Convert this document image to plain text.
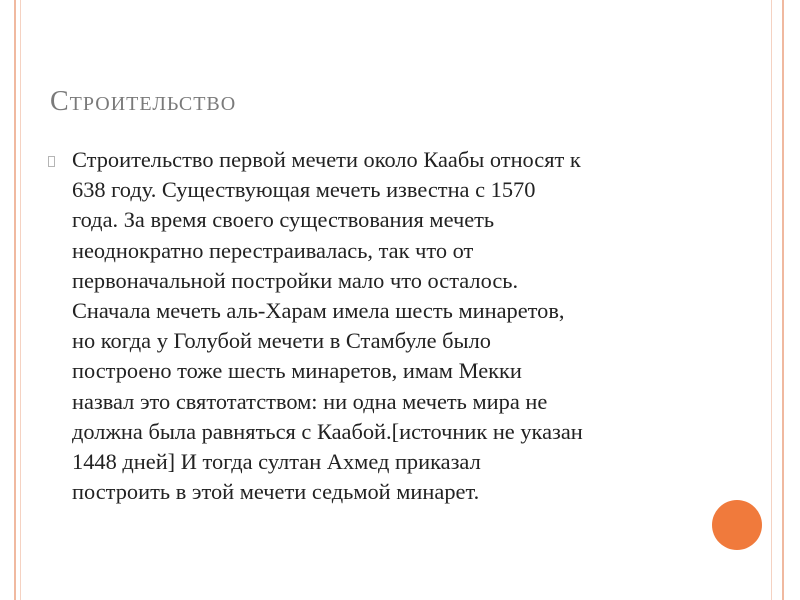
Строительство
Строительство первой мечети около Каабы относят к
638 году. Существующая мечеть известна с 1570
года. За время своего существования мечеть
неоднократно перестраивалась, так что от
первоначальной постройки мало что осталось.
Сначала мечеть аль-Харам имела шесть минаретов,
но когда у Голубой мечети в Стамбуле было
построено тоже шесть минаретов, имам Мекки
назвал это святотатством: ни одна мечеть мира не
должна была равняться с Каабой.[источник не указан
1448 дней] И тогда султан Ахмед приказал
построить в этой мечети седьмой минарет.
